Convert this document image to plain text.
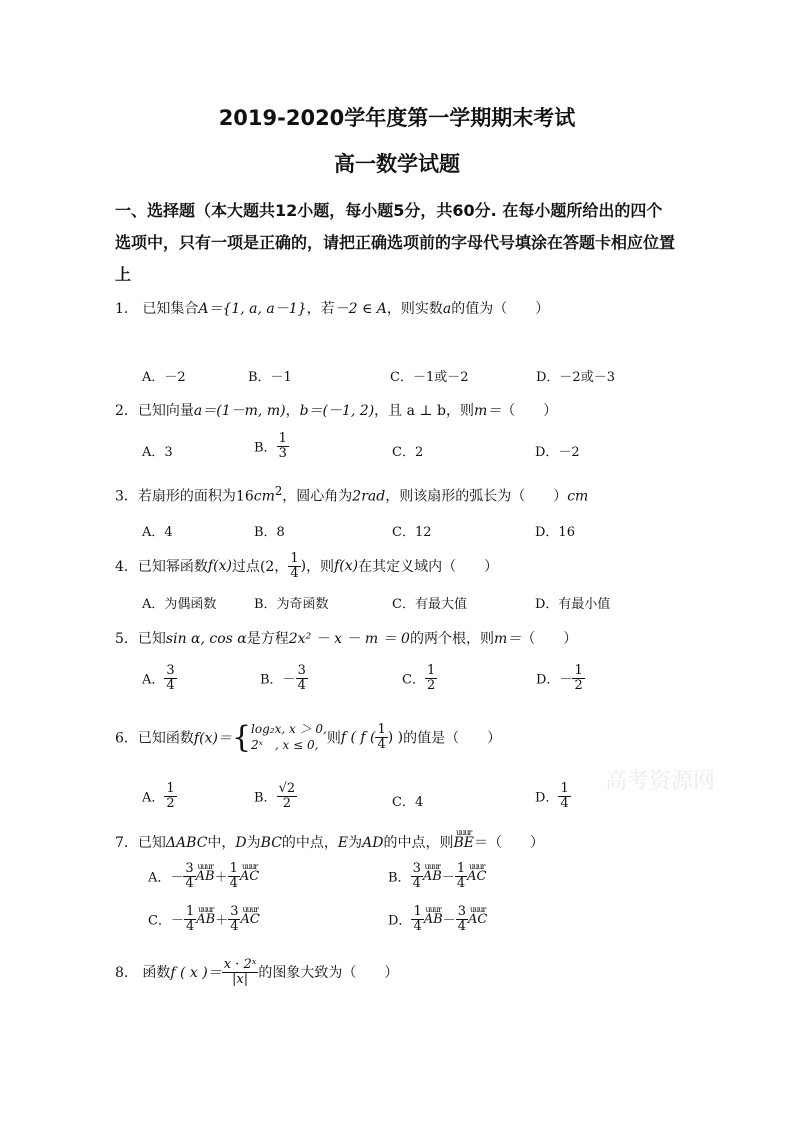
2019-2020学年度第一学期期末考试
高一数学试题
一、选择题（本大题共12小题，每小题5分，共60分. 在每小题所给出的四个
选项中，只有一项是正确的，请把正确选项前的字母代号填涂在答题卡相应位置
上
1.　已知集合A＝{1, a, a－1}，若－2 ∈ A，则实数a的值为（　　）
A．－2	B．－1	C．－1或－2	D．－2或－3
2．已知向量a＝(1－m, m)，b＝(－1, 2)，且 a ⊥ b，则m＝（　　）
A．3	B． $\frac{1}{3}$	C．2	D．－2
3．若扇形的面积为$16cm^2$，圆心角为2rad，则该扇形的弧长为（　　）cm
A．4	B．8	C．12	D．16
4．已知幂函数f(x)过点(2， $\frac{1}{4}$ )，则f(x)在其定义域内（　　）
A．为偶函数	B．为奇函数	C．有最大值	D．有最小值
5．已知sin α, cos α是方程2x² － x － m ＝ 0的两个根，则m＝（　　）
A． $\frac{3}{4}$	B．－ $\frac{3}{4}$	C． $\frac{1}{2}$	D．－ $\frac{1}{2}$
6．已知函数f(x)＝{ log₂x, x ＞ 0,
2ˣ　, x ≤ 0, 则f ( f ( $\frac{1}{4}$ ) )的值是（　　）
高考资源网
A． $\frac{1}{2}$	B． $\frac{√2}{2}$	C．4	D． $\frac{1}{4}$
7．已知ΔABC中，D为BC的中点，E为AD的中点，则
uuur
BE＝（　　）
A．－ $\frac{3}{4}$ uuur
$AB+ \frac{1}{4}$ uuur
AC	B． $\frac{3}{4}$ uuur
$AB- \frac{1}{4}$ uuur
AC
C．－ $\frac{1}{4}$ uuur
$AB+ \frac{3}{4}$ uuur
AC	D． $\frac{1}{4}$ uuur
$AB- \frac{3}{4}$ uuur
AC
8.　函数f ( x )＝ $\frac{\text{x · 2ˣ}}{|x|}$ 的图象大致为（　　）
